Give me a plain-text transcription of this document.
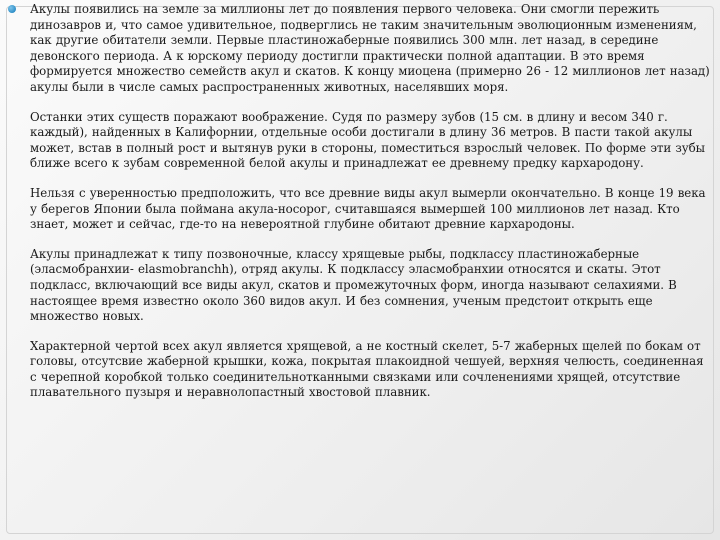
Акулы появились на земле за миллионы лет до появления первого человека. Они смогли пережить динозавров и, что самое удивительное, подверглись не таким значительным эволюционным изменениям, как другие обитатели земли. Первые пластиножаберные появились 300 млн. лет назад, в середине девонского периода. А к юрскому периоду достигли практически полной адаптации. В это время формируется множество семейств акул и скатов. К концу миоцена (примерно 26 - 12 миллионов лет назад) акулы были в числе самых распространенных животных, населявших моря.

Останки этих существ поражают воображение. Судя по размеру зубов (15 см. в длину и весом 340 г. каждый), найденных в Калифорнии, отдельные особи достигали в длину 36 метров. В пасти такой акулы может, встав в полный рост и вытянув руки в стороны, поместиться взрослый человек. По форме эти зубы ближе всего к зубам современной белой акулы и принадлежат ее древнему предку кархародону.

Нельзя с уверенностью предположить, что все древние виды акул вымерли окончательно. В конце 19 века у берегов Японии была поймана акула-носорог, считавшаяся вымершей 100 миллионов лет назад. Кто знает, может и сейчас, где-то на невероятной глубине обитают древние кархародоны.

Акулы принадлежат к типу позвоночные, классу хрящевые рыбы, подклассу пластиножаберные (эласмобранхии- elasmobranchh), отряд акулы. К подклассу эласмобранхии относятся и скаты. Этот подкласс, включающий все виды акул, скатов и промежуточных форм, иногда называют селахиями. В настоящее время известно около 360 видов акул. И без сомнения, ученым предстоит открыть еще множество новых.

Характерной чертой всех акул является хрящевой, а не костный скелет, 5-7 жаберных щелей по бокам от головы, отсутсвие жаберной крышки, кожа, покрытая плакоидной чешуей, верхняя челюсть, соединенная с черепной коробкой только соединительнотканными связками или сочленениями хрящей, отсутствие плавательного пузыря и неравнолопастный хвостовой плавник.
